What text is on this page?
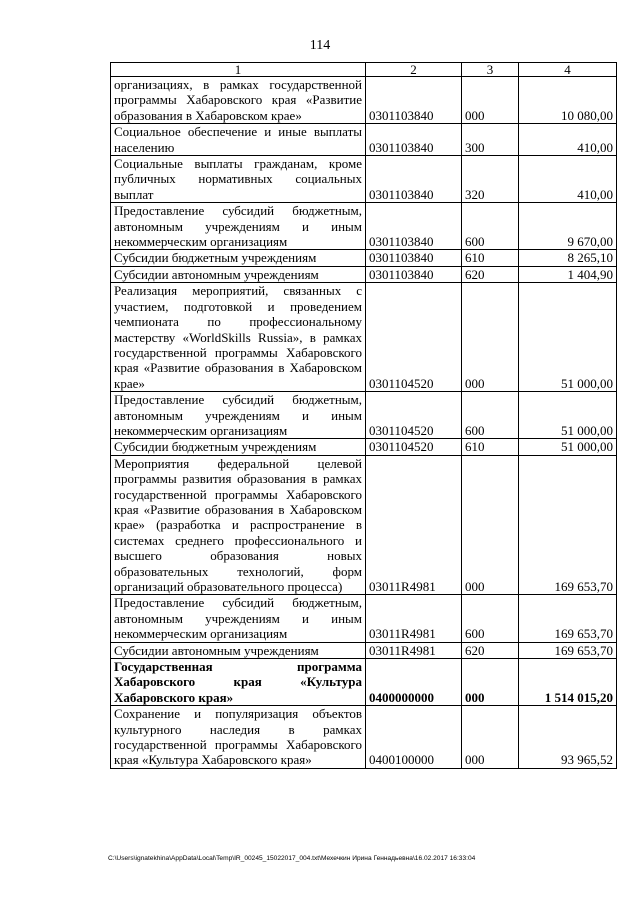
114
1	2	3	4
организациях, в рамках государственной программы Хабаровского края «Развитие образования в Хабаровском крае»	0301103840	000	10 080,00
Социальное обеспечение и иные выплаты населению	0301103840	300	410,00
Социальные выплаты гражданам, кроме публичных нормативных социальных выплат	0301103840	320	410,00
Предоставление субсидий бюджетным, автономным учреждениям и иным некоммерческим организациям	0301103840	600	9 670,00
Субсидии бюджетным учреждениям	0301103840	610	8 265,10
Субсидии автономным учреждениям	0301103840	620	1 404,90
Реализация мероприятий, связанных с участием, подготовкой и проведением чемпионата по профессиональному мастерству «WorldSkills Russia», в рамках государственной программы Хабаровского края «Развитие образования в Хабаровском крае»	0301104520	000	51 000,00
Предоставление субсидий бюджетным, автономным учреждениям и иным некоммерческим организациям	0301104520	600	51 000,00
Субсидии бюджетным учреждениям	0301104520	610	51 000,00
Мероприятия федеральной целевой программы развития образования в рамках государственной программы Хабаровского края «Развитие образования в Хабаровском крае» (разработка и распространение в системах среднего профессионального и высшего образования новых образовательных технологий, форм организаций образовательного процесса)	03011R4981	000	169 653,70
Предоставление субсидий бюджетным, автономным учреждениям и иным некоммерческим организациям	03011R4981	600	169 653,70
Субсидии автономным учреждениям	03011R4981	620	169 653,70
Государственная программа Хабаровского края «Культура Хабаровского края»	0400000000	000	1 514 015,20
Сохранение и популяризация объектов культурного наследия в рамках государственной программы Хабаровского края «Культура Хабаровского края»	0400100000	000	93 965,52
C:\Users\ignatekhina\AppData\Local\Temp\IR_00245_15022017_004.txt\Мехечкин Ирина Геннадьевна\16.02.2017 16:33:04
